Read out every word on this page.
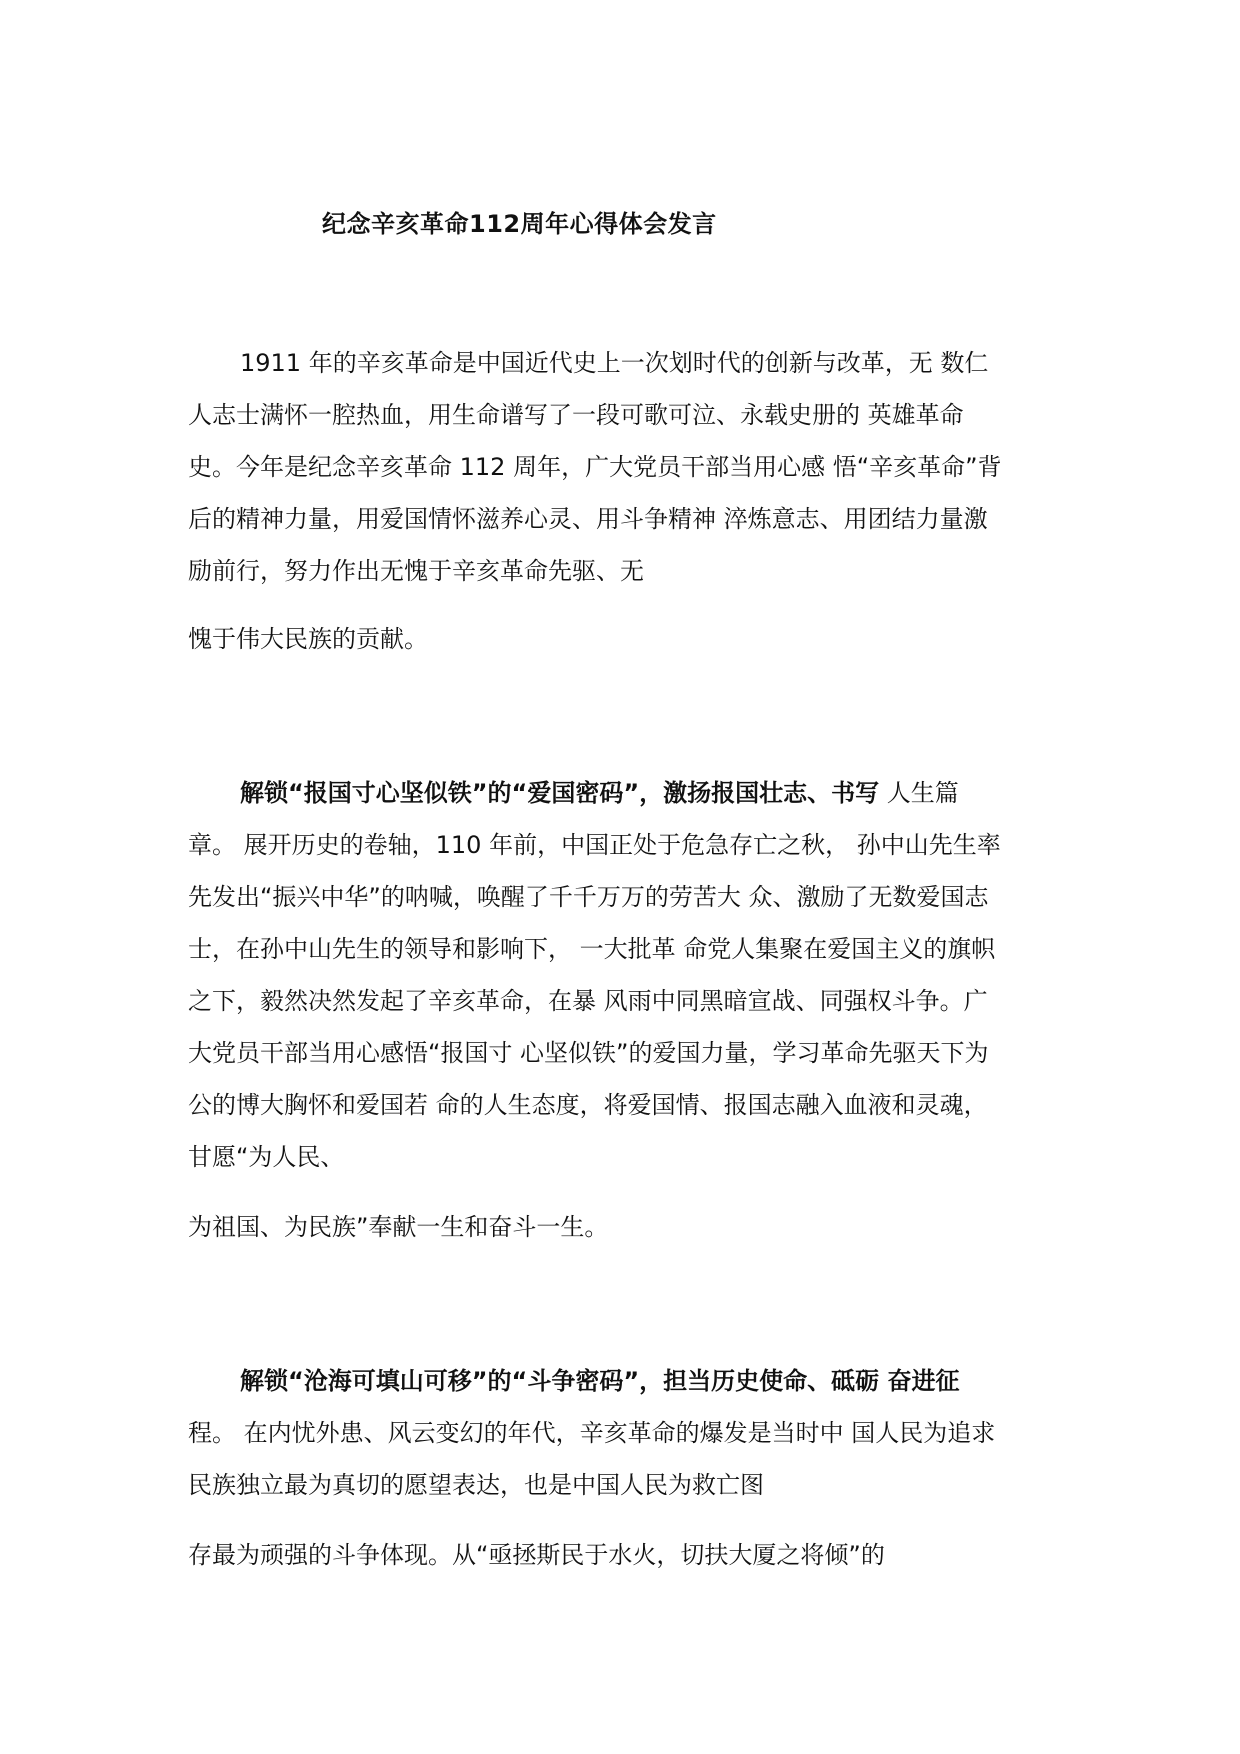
纪念辛亥革命112周年心得体会发言
1911 年的辛亥革命是中国近代史上一次划时代的创新与改革，无 数仁
人志士满怀一腔热血，用生命谱写了一段可歌可泣、永载史册的 英雄革命
史。今年是纪念辛亥革命 112 周年，广大党员干部当用心感 悟“辛亥革命”背
后的精神力量，用爱国情怀滋养心灵、用斗争精神 淬炼意志、用团结力量激
励前行，努力作出无愧于辛亥革命先驱、无
愧于伟大民族的贡献。
解锁“报国寸心坚似铁”的“爱国密码”，激扬报国壮志、书写 人生篇
章。 展开历史的卷轴，110 年前，中国正处于危急存亡之秋， 孙中山先生率
先发出“振兴中华”的呐喊，唤醒了千千万万的劳苦大 众、激励了无数爱国志
士，在孙中山先生的领导和影响下， 一大批革 命党人集聚在爱国主义的旗帜
之下，毅然决然发起了辛亥革命，在暴 风雨中同黑暗宣战、同强权斗争。广
大党员干部当用心感悟“报国寸 心坚似铁”的爱国力量，学习革命先驱天下为
公的博大胸怀和爱国若 命的人生态度，将爱国情、报国志融入血液和灵魂，
甘愿“为人民、
为祖国、为民族”奉献一生和奋斗一生。
解锁“沧海可填山可移”的“斗争密码”，担当历史使命、砥砺 奋进征
程。 在内忧外患、风云变幻的年代，辛亥革命的爆发是当时中 国人民为追求
民族独立最为真切的愿望表达，也是中国人民为救亡图
存最为顽强的斗争体现。从“亟拯斯民于水火，切扶大厦之将倾”的
